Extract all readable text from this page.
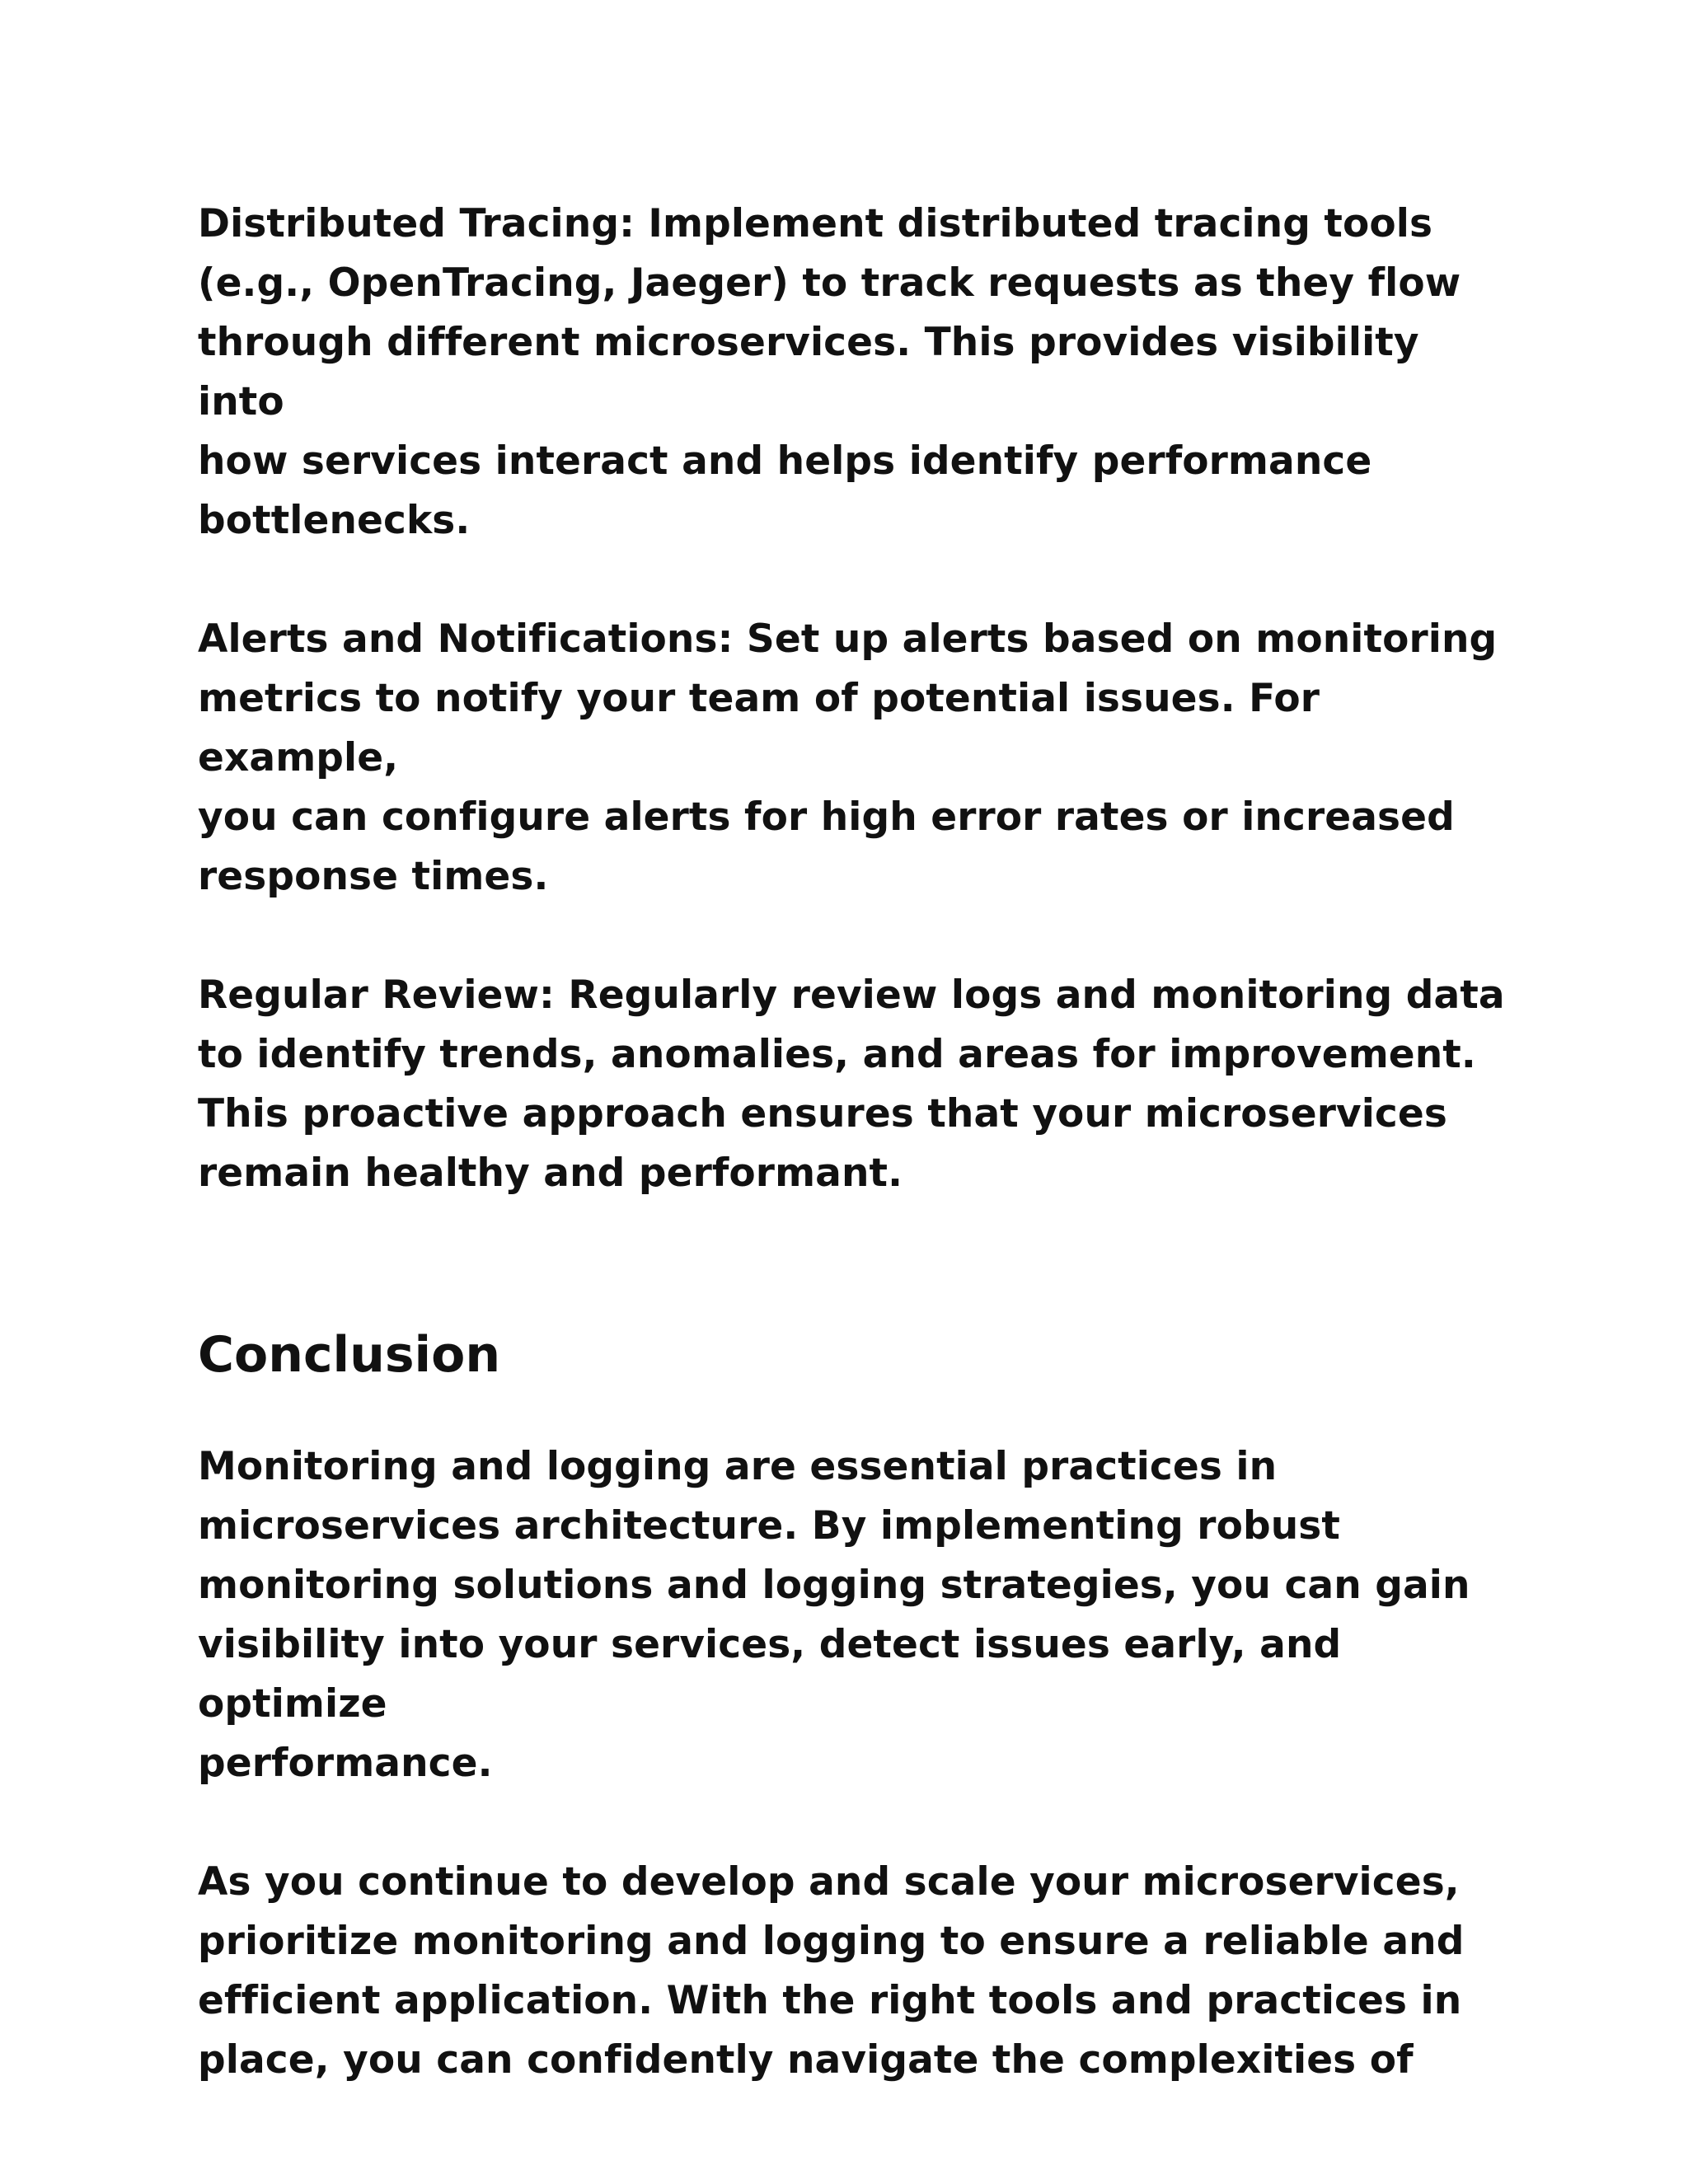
Distributed Tracing: Implement distributed tracing tools
(e.g., OpenTracing, Jaeger) to track requests as they flow
through different microservices. This provides visibility into
how services interact and helps identify performance
bottlenecks.

Alerts and Notifications: Set up alerts based on monitoring
metrics to notify your team of potential issues. For example,
you can configure alerts for high error rates or increased
response times.

Regular Review: Regularly review logs and monitoring data
to identify trends, anomalies, and areas for improvement.
This proactive approach ensures that your microservices
remain healthy and performant.

Conclusion

Monitoring and logging are essential practices in
microservices architecture. By implementing robust
monitoring solutions and logging strategies, you can gain
visibility into your services, detect issues early, and optimize
performance.

As you continue to develop and scale your microservices,
prioritize monitoring and logging to ensure a reliable and
efficient application. With the right tools and practices in
place, you can confidently navigate the complexities of
